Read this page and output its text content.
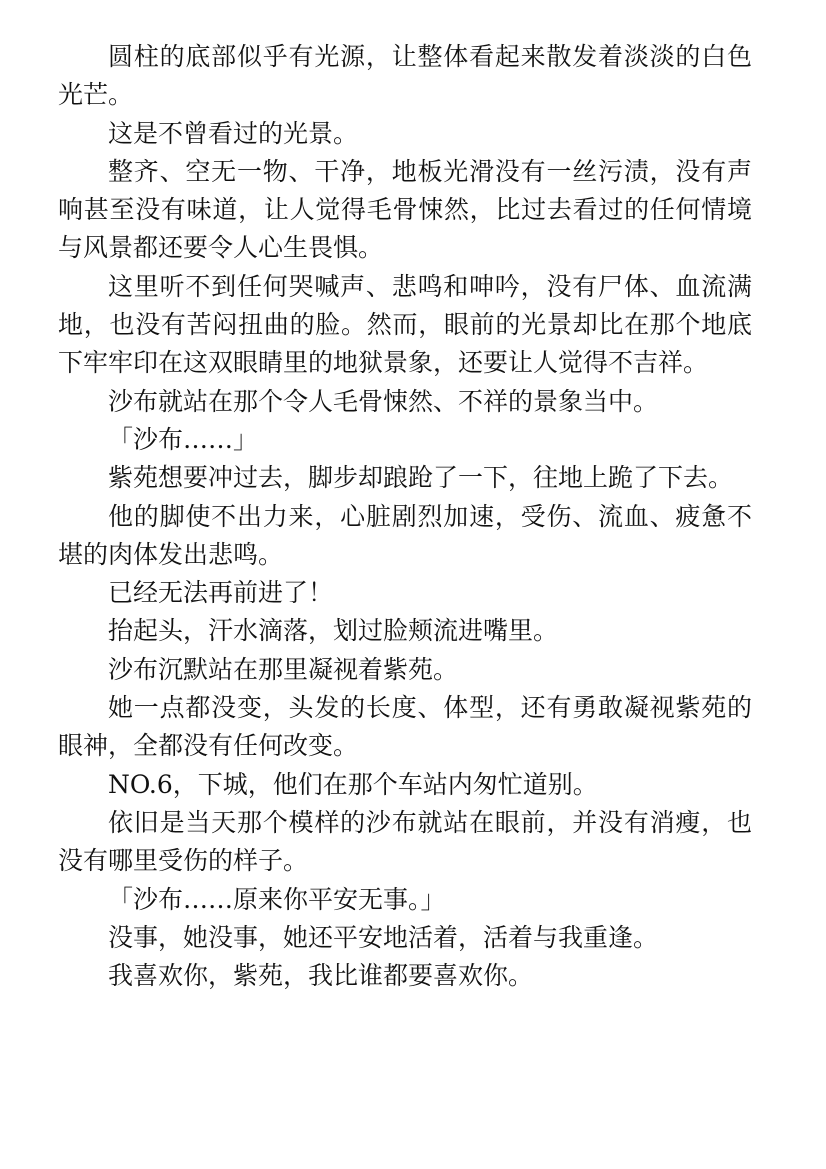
圆柱的底部似乎有光源，让整体看起来散发着淡淡的白色光芒。

这是不曾看过的光景。

整齐、空无一物、干净，地板光滑没有一丝污渍，没有声响甚至没有味道，让人觉得毛骨悚然，比过去看过的任何情境与风景都还要令人心生畏惧。

这里听不到任何哭喊声、悲鸣和呻吟，没有尸体、血流满地，也没有苦闷扭曲的脸。然而，眼前的光景却比在那个地底下牢牢印在这双眼睛里的地狱景象，还要让人觉得不吉祥。

沙布就站在那个令人毛骨悚然、不祥的景象当中。

「沙布……」

紫苑想要冲过去，脚步却踉跄了一下，往地上跪了下去。

他的脚使不出力来，心脏剧烈加速，受伤、流血、疲惫不堪的肉体发出悲鸣。

已经无法再前进了！

抬起头，汗水滴落，划过脸颊流进嘴里。

沙布沉默站在那里凝视着紫苑。

她一点都没变，头发的长度、体型，还有勇敢凝视紫苑的眼神，全都没有任何改变。

NO.6，下城，他们在那个车站内匆忙道别。

依旧是当天那个模样的沙布就站在眼前，并没有消瘦，也没有哪里受伤的样子。

「沙布……原来你平安无事。」

没事，她没事，她还平安地活着，活着与我重逢。

我喜欢你，紫苑，我比谁都要喜欢你。
